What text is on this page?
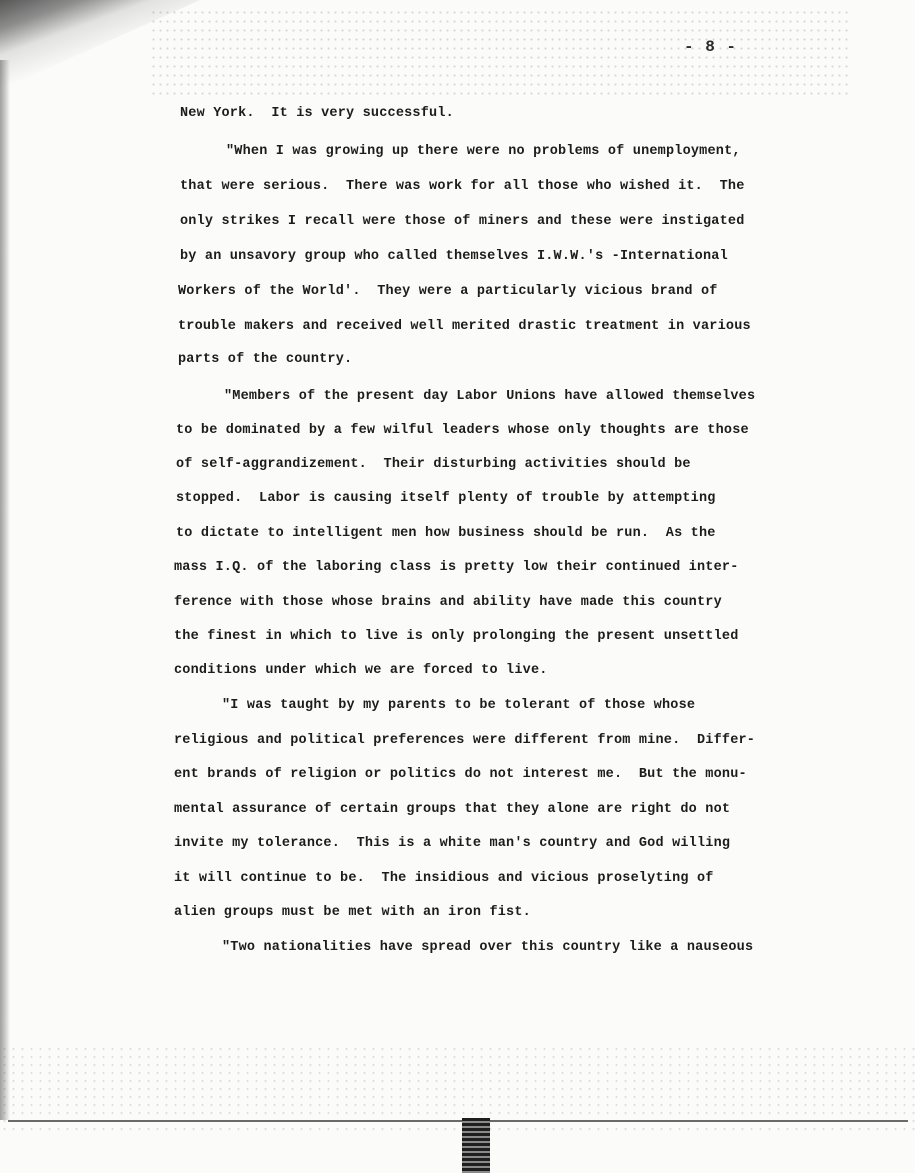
- 8 -
New York.  It is very successful.
"When I was growing up there were no problems of unemployment,
that were serious.  There was work for all those who wished it.  The
only strikes I recall were those of miners and these were instigated
by an unsavory group who called themselves I.W.W.'s -International
Workers of the World'.  They were a particularly vicious brand of
trouble makers and received well merited drastic treatment in various
parts of the country.
"Members of the present day Labor Unions have allowed themselves
to be dominated by a few wilful leaders whose only thoughts are those
of self-aggrandizement.  Their disturbing activities should be
stopped.  Labor is causing itself plenty of trouble by attempting
to dictate to intelligent men how business should be run.  As the
mass I.Q. of the laboring class is pretty low their continued inter-
ference with those whose brains and ability have made this country
the finest in which to live is only prolonging the present unsettled
conditions under which we are forced to live.
"I was taught by my parents to be tolerant of those whose
religious and political preferences were different from mine.  Differ-
ent brands of religion or politics do not interest me.  But the monu-
mental assurance of certain groups that they alone are right do not
invite my tolerance.  This is a white man's country and God willing
it will continue to be.  The insidious and vicious proselyting of
alien groups must be met with an iron fist.
"Two nationalities have spread over this country like a nauseous
